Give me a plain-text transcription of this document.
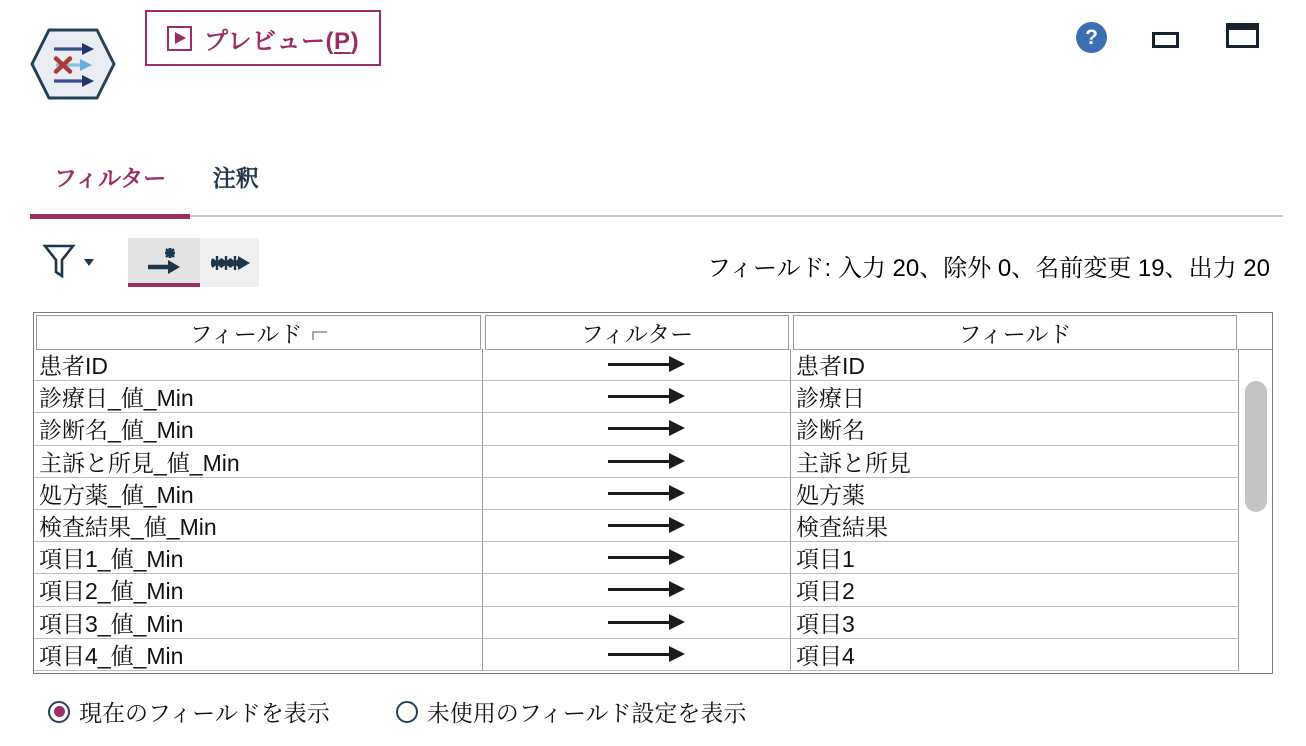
プレビュー(P)	?
フィルター 注釈
フィールド: 入力 20、除外 0、名前変更 19、出力 20
フィールド	フィルター	フィールド
患者ID	患者ID
診療日_値_Min	診療日
診断名_値_Min	診断名
主訴と所見_値_Min	主訴と所見
処方薬_値_Min	処方薬
検査結果_値_Min	検査結果
項目1_値_Min	項目1
項目2_値_Min	項目2
項目3_値_Min	項目3
項目4_値_Min	項目4
現在のフィールドを表示	未使用のフィールド設定を表示
